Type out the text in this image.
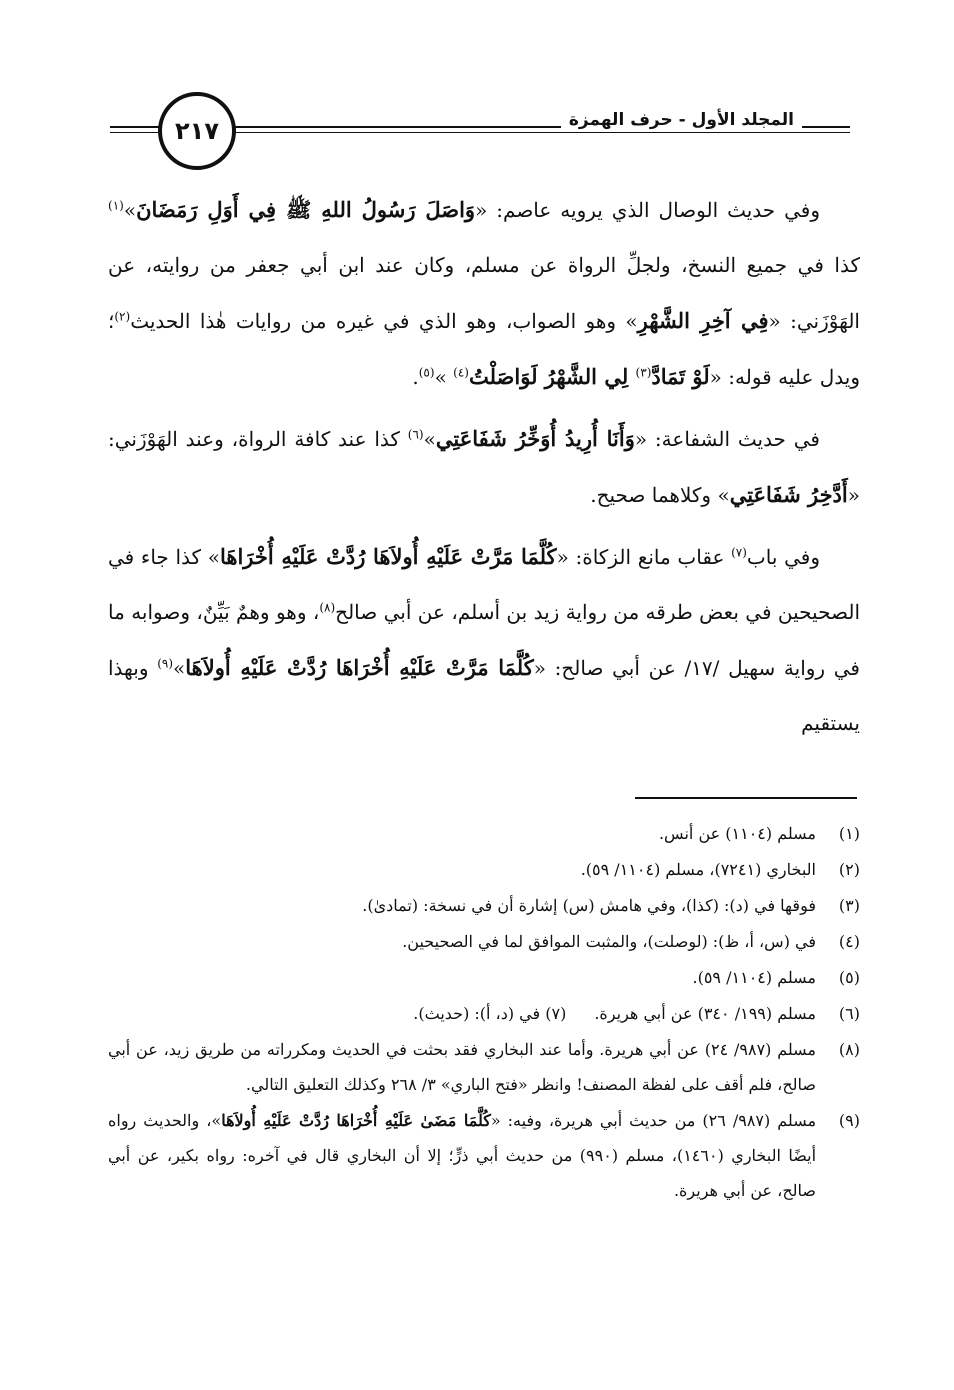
٢١٧	المجلد الأول - حرف الهمزة

وفي حديث الوصال الذي يرويه عاصم: «وَاصَلَ رَسُولُ اللهِ ﷺ فِي أَوَلِ رَمَضَانَ»$^{(١)}$ كذا في جميع النسخ، ولجلِّ الرواة عن مسلم، وكان عند ابن أبي جعفر من روايته، عن الهَوْزَني: «فِي آخِرِ الشَّهْرِ» وهو الصواب، وهو الذي في غيره من روايات هٰذا الحديث$^{(٢)}$؛ ويدل عليه قوله: «لَوْ تَمَادَّ$^{(٣)}$ لِي الشَّهْرُ لَوَاصَلْتُ$^{(٤)}$ »$^{(٥)}$.

في حديث الشفاعة: «وَأَنَا أُرِيدُ أُوَخِّرُ شَفَاعَتِي»$^{(٦)}$ كذا عند كافة الرواة، وعند الهَوْزَني: «أَدَّخِرُ شَفَاعَتِي» وكلاهما صحيح.

وفي باب$^{(٧)}$ عقاب مانع الزكاة: «كُلَّمَا مَرَّتْ عَلَيْهِ أُولاَهَا رُدَّتْ عَلَيْهِ أُخْرَاهَا» كذا جاء في الصحيحين في بعض طرقه من رواية زيد بن أسلم، عن أبي صالح$^{(٨)}$، وهو وهمٌ بَيِّنٌ، وصوابه ما في رواية سهيل /١٧/ عن أبي صالح: «كُلَّمَا مَرَّتْ عَلَيْهِ أُخْرَاهَا رُدَّتْ عَلَيْهِ أُولاَهَا»$^{(٩)}$ وبهذا يستقيم

(١)
مسلم (١١٠٤) عن أنس.
(٢)
البخاري (٧٢٤١)، مسلم (١١٠٤/ ٥٩).
(٣)
فوقها في (د): (كذا)، وفي هامش (س) إشارة أن في نسخة: (تمادىٰ).
(٤)
في (س، أ، ظ): (لوصلت)، والمثبت الموافق لما في الصحيحين.
(٥)
مسلم (١١٠٤/ ٥٩).
(٦)
مسلم (١٩٩/ ٣٤٠) عن أبي هريرة.(٧) في (د، أ): (حديث).
(٨)
مسلم (٩٨٧/ ٢٤) عن أبي هريرة. وأما عند البخاري فقد بحثت في الحديث ومكرراته من طريق زيد، عن أبي صالح، فلم أقف على لفظة المصنف! وانظر «فتح الباري» ٣/ ٢٦٨ وكذلك التعليق التالي.
(٩)
مسلم (٩٨٧/ ٢٦) من حديث أبي هريرة، وفيه: «كُلَّمَا مَضَىٰ عَلَيْهِ أُخْرَاهَا رُدَّتْ عَلَيْهِ أُولاَهَا»، والحديث رواه أيضًا البخاري (١٤٦٠)، مسلم (٩٩٠) من حديث أبي ذرٍّ؛ إلا أن البخاري قال في آخره: رواه بكير، عن أبي صالح، عن أبي هريرة.
